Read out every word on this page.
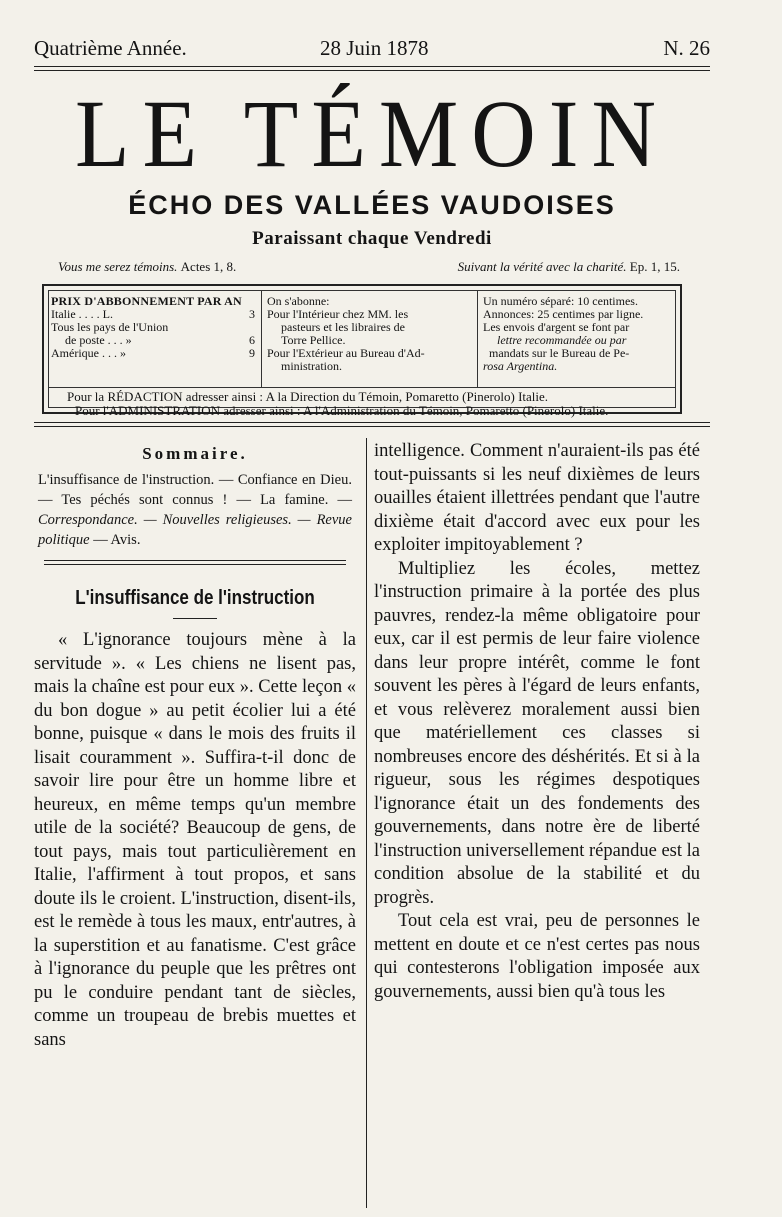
Quatrième Année.	28 Juin 1878	N. 26
LE TÉMOIN
ÉCHO DES VALLÉES VAUDOISES
Paraissant chaque Vendredi
Vous me serez témoins. Actes 1, 8.	Suivant la vérité avec la charité. Ep. 1, 15.
PRIX D'ABBONNEMENT PAR AN
Italie . . . . L.	3
Tous les pays de l'Union
de poste . . . »	6
Amérique . . . »	9
On s'abonne:
Pour l'Intérieur chez MM. les
pasteurs et les libraires de
Torre Pellice.
Pour l'Extérieur au Bureau d'Ad-
ministration.
Un numéro séparé: 10 centimes.
Annonces: 25 centimes par ligne.
Les envois d'argent se font par
lettre recommandée ou par
mandats sur le Bureau de Pe-
rosa Argentina.
Pour la RÉDACTION adresser ainsi : A la Direction du Témoin, Pomaretto (Pinerolo) Italie.
Pour l'ADMINISTRATION adresser ainsi : A l'Administration du Témoin, Pomaretto (Pinerolo) Italie.
Sommaire.
L'insuffisance de l'instruction. — Confiance en Dieu. — Tes péchés sont connus ! — La famine. — Correspondance. — Nouvelles religieuses. — Revue politique — Avis.
L'insuffisance de l'instruction

« L'ignorance toujours mène à la servitude ». « Les chiens ne lisent pas, mais la chaîne est pour eux ». Cette leçon « du bon dogue » au petit écolier lui a été bonne, puisque « dans le mois des fruits il lisait couramment ». Suffira-t-il donc de savoir lire pour être un homme libre et heureux, en même temps qu'un membre utile de la société? Beaucoup de gens, de tout pays, mais tout particulièrement en Italie, l'affirment à tout propos, et sans doute ils le croient. L'instruction, disent-ils, est le remède à tous les maux, entr'autres, à la superstition et au fanatisme. C'est grâce à l'ignorance du peuple que les prêtres ont pu le conduire pendant tant de siècles, comme un troupeau de brebis muettes et sans

intelligence. Comment n'auraient-ils pas été tout-puissants si les neuf dixièmes de leurs ouailles étaient illettrées pendant que l'autre dixième était d'accord avec eux pour les exploiter impitoyablement ?

Multipliez les écoles, mettez l'instruction primaire à la portée des plus pauvres, rendez-la même obligatoire pour eux, car il est permis de leur faire violence dans leur propre intérêt, comme le font souvent les pères à l'égard de leurs enfants, et vous relèverez moralement aussi bien que matériellement ces classes si nombreuses encore des déshérités. Et si à la rigueur, sous les régimes despotiques l'ignorance était un des fondements des gouvernements, dans notre ère de liberté l'instruction universellement répandue est la condition absolue de la stabilité et du progrès.

Tout cela est vrai, peu de personnes le mettent en doute et ce n'est certes pas nous qui contesterons l'obligation imposée aux gouvernements, aussi bien qu'à tous les
